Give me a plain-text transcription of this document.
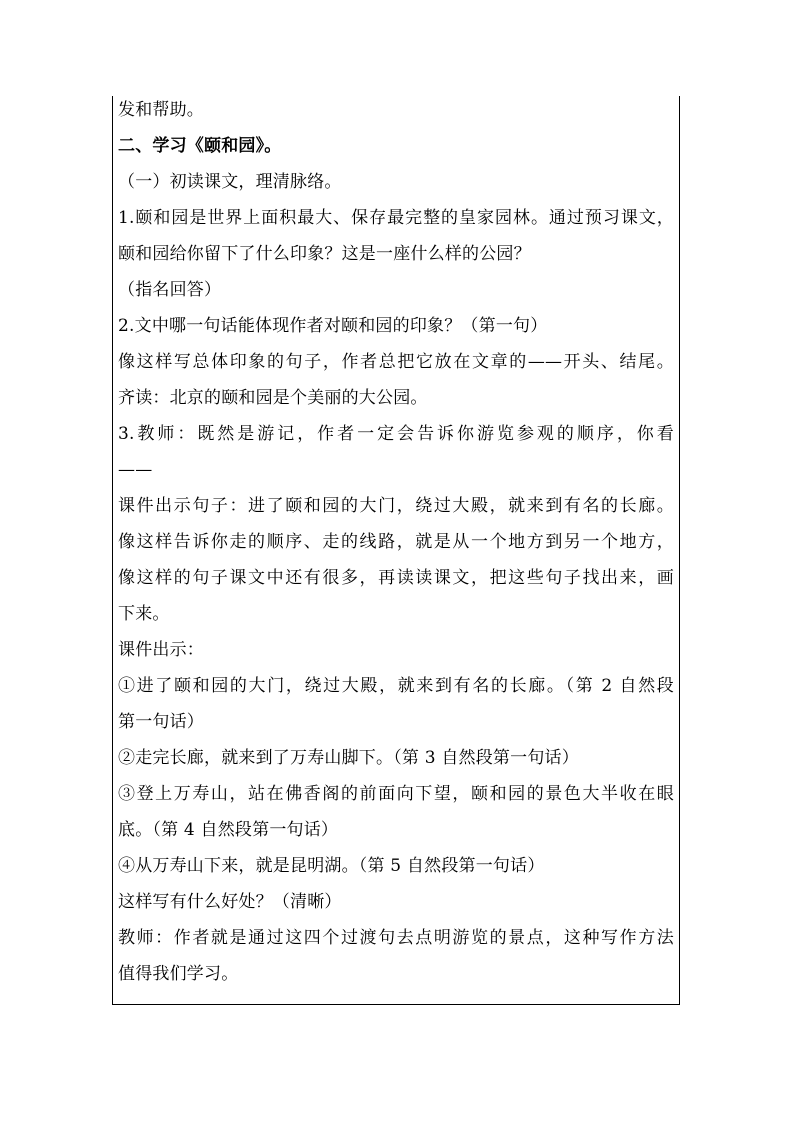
发和帮助。
二、学习《颐和园》。
（一）初读课文，理清脉络。
1.颐和园是世界上面积最大、保存最完整的皇家园林。通过预习课文，
颐和园给你留下了什么印象？这是一座什么样的公园？
（指名回答）
2.文中哪一句话能体现作者对颐和园的印象？（第一句）
像这样写总体印象的句子，作者总把它放在文章的——开头、结尾。
齐读：北京的颐和园是个美丽的大公园。
3.教师：既然是游记，作者一定会告诉你游览参观的顺序，你看
——
课件出示句子：进了颐和园的大门，绕过大殿，就来到有名的长廊。
像这样告诉你走的顺序、走的线路，就是从一个地方到另一个地方，
像这样的句子课文中还有很多，再读读课文，把这些句子找出来，画
下来。
课件出示：
①进了颐和园的大门，绕过大殿，就来到有名的长廊。（第 2 自然段
第一句话）
②走完长廊，就来到了万寿山脚下。（第 3 自然段第一句话）
③登上万寿山，站在佛香阁的前面向下望，颐和园的景色大半收在眼
底。（第 4 自然段第一句话）
④从万寿山下来，就是昆明湖。（第 5 自然段第一句话）
这样写有什么好处？（清晰）
教师：作者就是通过这四个过渡句去点明游览的景点，这种写作方法
值得我们学习。
